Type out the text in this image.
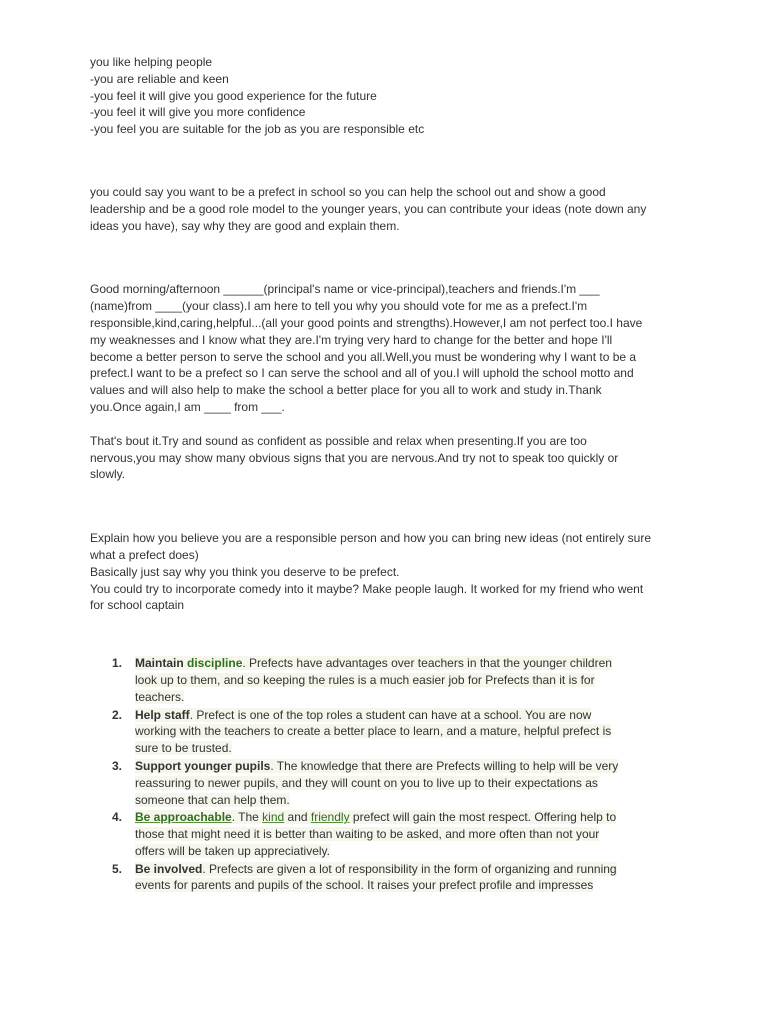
you like helping people
-you are reliable and keen
-you feel it will give you good experience for the future
-you feel it will give you more confidence
-you feel you are suitable for the job as you are responsible etc
you could say you want to be a prefect in school so you can help the school out and show a good
leadership and be a good role model to the younger years, you can contribute your ideas (note down any
ideas you have), say why they are good and explain them.
Good morning/afternoon ______(principal's name or vice-principal),teachers and friends.I'm ___
(name)from ____(your class).I am here to tell you why you should vote for me as a prefect.I'm
responsible,kind,caring,helpful...(all your good points and strengths).However,I am not perfect too.I have
my weaknesses and I know what they are.I'm trying very hard to change for the better and hope I'll
become a better person to serve the school and you all.Well,you must be wondering why I want to be a
prefect.I want to be a prefect so I can serve the school and all of you.I will uphold the school motto and
values and will also help to make the school a better place for you all to work and study in.Thank
you.Once again,I am ____ from ___.
That's bout it.Try and sound as confident as possible and relax when presenting.If you are too
nervous,you may show many obvious signs that you are nervous.And try not to speak too quickly or
slowly.
Explain how you believe you are a responsible person and how you can bring new ideas (not entirely sure
what a prefect does)
Basically just say why you think you deserve to be prefect.
You could try to incorporate comedy into it maybe? Make people laugh. It worked for my friend who went
for school captain
1. Maintain discipline. Prefects have advantages over teachers in that the younger children
look up to them, and so keeping the rules is a much easier job for Prefects than it is for
teachers.
2. Help staff. Prefect is one of the top roles a student can have at a school. You are now
working with the teachers to create a better place to learn, and a mature, helpful prefect is
sure to be trusted.
3. Support younger pupils. The knowledge that there are Prefects willing to help will be very
reassuring to newer pupils, and they will count on you to live up to their expectations as
someone that can help them.
4. Be approachable. The kind and friendly prefect will gain the most respect. Offering help to
those that might need it is better than waiting to be asked, and more often than not your
offers will be taken up appreciatively.
5. Be involved. Prefects are given a lot of responsibility in the form of organizing and running
events for parents and pupils of the school. It raises your prefect profile and impresses
